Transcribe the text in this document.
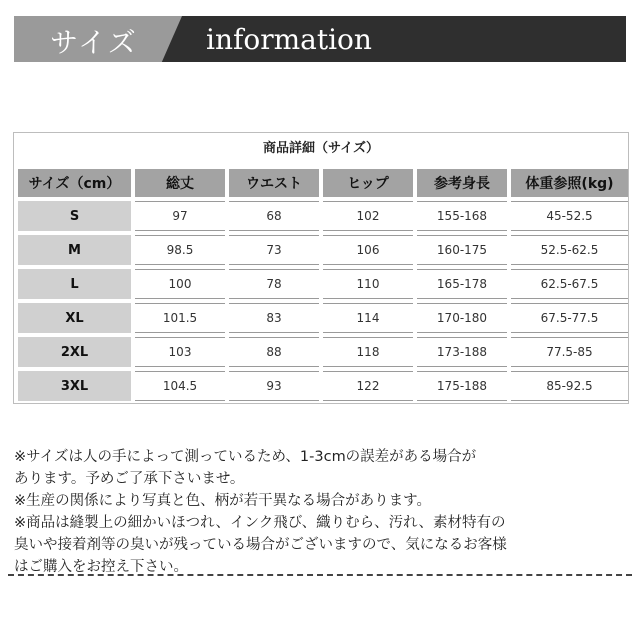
サイズ information
商品詳細（サイズ）
サイズ（cm）	総丈	ウエスト	ヒップ	参考身長	体重参照(kg)
S	97	68	102	155-168	45-52.5
M	98.5	73	106	160-175	52.5-62.5
L	100	78	110	165-178	62.5-67.5
XL	101.5	83	114	170-180	67.5-77.5
2XL	103	88	118	173-188	77.5-85
3XL	104.5	93	122	175-188	85-92.5

※サイズは人の手によって測っているため、1-3cmの誤差がある場合が

あります。予めご了承下さいませ。

※生産の関係により写真と色、柄が若干異なる場合があります。

※商品は縫製上の細かいほつれ、インク飛び、織りむら、汚れ、素材特有の

臭いや接着剤等の臭いが残っている場合がございますので、気になるお客様

はご購入をお控え下さい。
